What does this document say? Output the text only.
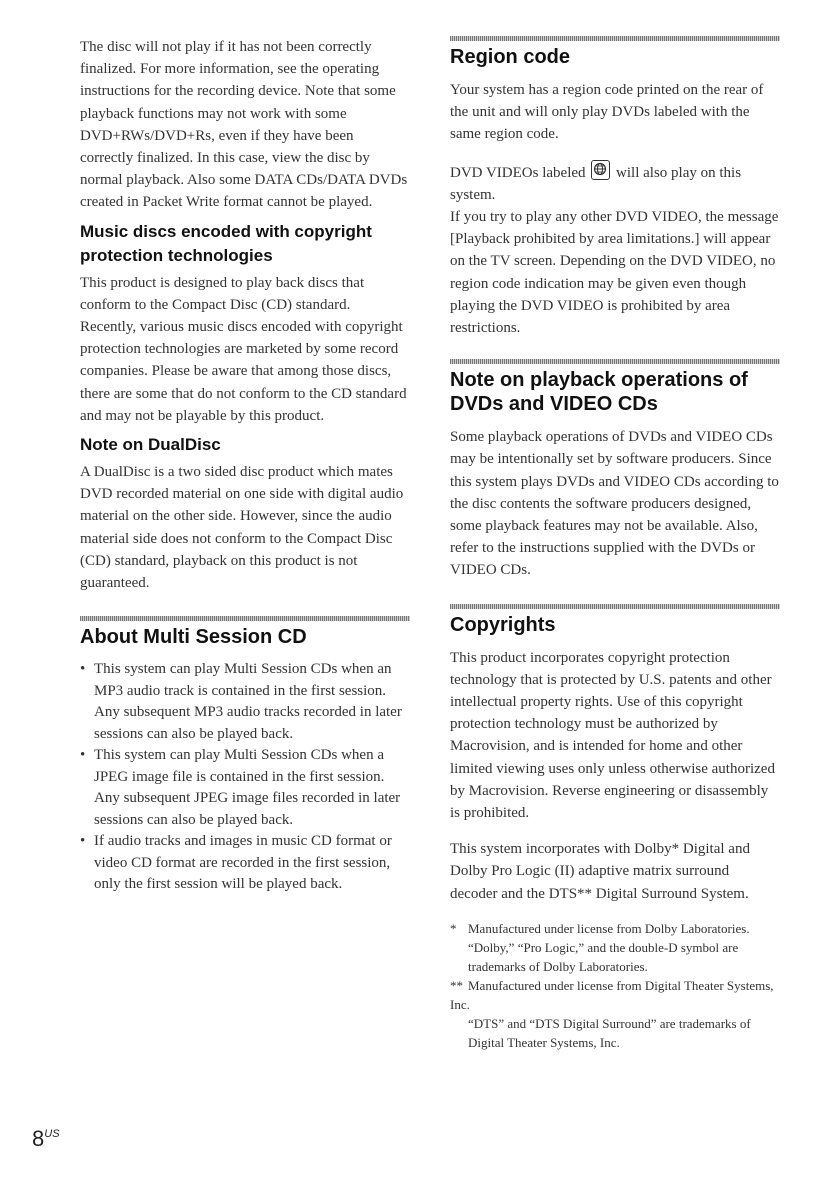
The disc will not play if it has not been correctly finalized. For more information, see the operating instructions for the recording device. Note that some playback functions may not work with some DVD+RWs/DVD+Rs, even if they have been correctly finalized. In this case, view the disc by normal playback. Also some DATA CDs/DATA DVDs created in Packet Write format cannot be played.

Music discs encoded with copyright protection technologies

This product is designed to play back discs that conform to the Compact Disc (CD) standard. Recently, various music discs encoded with copyright protection technologies are marketed by some record companies. Please be aware that among those discs, there are some that do not conform to the CD standard and may not be playable by this product.

Note on DualDisc

A DualDisc is a two sided disc product which mates DVD recorded material on one side with digital audio material on the other side. However, since the audio material side does not conform to the Compact Disc (CD) standard, playback on this product is not guaranteed.

About Multi Session CD
• This system can play Multi Session CDs when an MP3 audio track is contained in the first session. Any subsequent MP3 audio tracks recorded in later sessions can also be played back.
• This system can play Multi Session CDs when a JPEG image file is contained in the first session. Any subsequent JPEG image files recorded in later sessions can also be played back.
• If audio tracks and images in music CD format or video CD format are recorded in the first session, only the first session will be played back.
Region code

Your system has a region code printed on the rear of the unit and will only play DVDs labeled with the same region code.

DVD VIDEOs labeled will also play on this system.

If you try to play any other DVD VIDEO, the message [Playback prohibited by area limitations.] will appear on the TV screen. Depending on the DVD VIDEO, no region code indication may be given even though playing the DVD VIDEO is prohibited by area restrictions.

Note on playback operations of DVDs and VIDEO CDs

Some playback operations of DVDs and VIDEO CDs may be intentionally set by software producers. Since this system plays DVDs and VIDEO CDs according to the disc contents the software producers designed, some playback features may not be available. Also, refer to the instructions supplied with the DVDs or VIDEO CDs.

Copyrights

This product incorporates copyright protection technology that is protected by U.S. patents and other intellectual property rights. Use of this copyright protection technology must be authorized by Macrovision, and is intended for home and other limited viewing uses only unless otherwise authorized by Macrovision. Reverse engineering or disassembly is prohibited.

This system incorporates with Dolby* Digital and Dolby Pro Logic (II) adaptive matrix surround decoder and the DTS** Digital Surround System.

* Manufactured under license from Dolby Laboratories.
“Dolby,” “Pro Logic,” and the double-D symbol are trademarks of Dolby Laboratories.
** Manufactured under license from Digital Theater Systems, Inc.
“DTS” and “DTS Digital Surround” are trademarks of Digital Theater Systems, Inc.
$8^{US}$
